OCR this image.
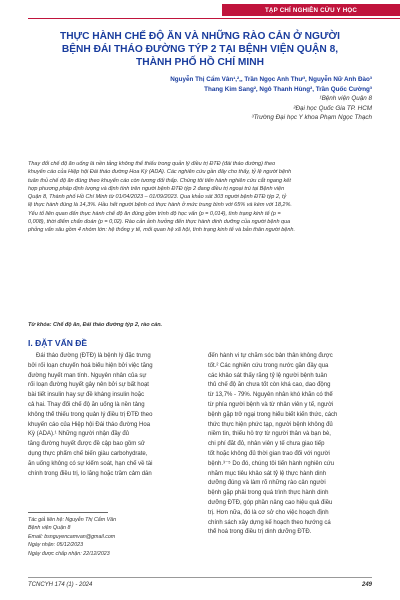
TẠP CHÍ NGHIÊN CỨU Y HỌC
THỰC HÀNH CHẾ ĐỘ ĂN VÀ NHỮNG RÀO CẢN Ở NGƯỜI
BỆNH ĐÁI THÁO ĐƯỜNG TÝP 2 TẠI BỆNH VIỆN QUẬN 8,
THÀNH PHỐ HỒ CHÍ MINH
Nguyễn Thị Cẩm Vân¹,²,, Trần Ngọc Anh Thư³, Nguyễn Nữ Anh Đào³
Thang Kim Sang², Ngô Thanh Hùng², Trần Quốc Cường³
¹Bệnh viện Quận 8
²Đại học Quốc Gia TP. HCM
³Trường Đại học Y khoa Phạm Ngọc Thạch

Thay đổi chế độ ăn uống là nền tảng không thể thiếu trong quản lý điều trị ĐTĐ (đái tháo đường) theo
khuyến cáo của Hiệp hội Đái tháo đường Hoa Kỳ (ADA). Các nghiên cứu gần đây cho thấy, tỷ lệ người bệnh
tuân thủ chế độ ăn đúng theo khuyến cáo còn tương đối thấp. Chúng tôi tiến hành nghiên cứu cắt ngang kết
hợp phương pháp định lượng và định tính trên người bệnh ĐTĐ týp 2 đang điều trị ngoại trú tại Bệnh viện
Quận 8, Thành phố Hồ Chí Minh từ 01/04/2023 – 01/09/2023. Qua khảo sát 303 người bệnh ĐTĐ týp 2, tỷ
lệ thực hành đúng là 14,3%. Hầu hết người bệnh có thực hành ở mức trung bình với 65% và kém với 18,2%.
Yếu tố liên quan đến thực hành chế độ ăn đúng gồm trình độ học vấn (p = 0,014), tình trạng kinh tế (p =
0,008), thời điểm chẩn đoán (p = 0,02). Rào cản ảnh hưởng đến thực hành dinh dưỡng của người bệnh qua
phỏng vấn sâu gồm 4 nhóm lớn: hệ thống y tế, mối quan hệ xã hội, tình trạng kinh tế và bản thân người bệnh.

Từ khóa: Chế độ ăn, Đái tháo đường týp 2, rào cản.
I. ĐẶT VẤN ĐỀ
Đái tháo đường (ĐTĐ) là bệnh lý đặc trưng
bởi rối loạn chuyển hoá biểu hiện bởi việc tăng
đường huyết man tính. Nguyên nhân của sự
rối loạn đường huyết gây nên bởi sự bất hoạt
bài tiết insulin hay sự đề kháng insulin hoặc
cả hai. Thay đổi chế độ ăn uống là nền tảng
không thể thiếu trong quản lý điều trị ĐTĐ theo
khuyến cáo của Hiệp hội Đái tháo đường Hoa
Kỳ (ADA).¹ Những người nhận đầy đủ
tăng đường huyết được đề cập bao gồm sử
dụng thực phẩm chế biến giàu carbohydrate,
ăn uống không có sự kiểm soát, hạn chế về tài
chính trong điều trị, lo lắng hoặc trầm cảm dẫn
đến hành vi tự chăm sóc bản thân không được
tốt.² Các nghiên cứu trong nước gần đây qua
các khảo sát thấy rằng tỷ lệ người bệnh tuân
thủ chế độ ăn chưa tốt còn khá cao, dao động
từ 13,7% - 79%. Nguyên nhân khó khăn có thể
từ phía người bệnh và từ nhân viên y tế, người
bệnh gặp trở ngại trong hiểu biết kiến thức, cách
thức thực hiện phức tạp, người bệnh không đủ
niềm tin, thiếu hỗ trợ từ người thân và bạn bè,
chi phí đắt đỏ, nhân viên y tế chưa giao tiếp
tốt hoặc không đủ thời gian trao đổi với người
bệnh.³⁻⁵ Do đó, chúng tôi tiến hành nghiên cứu
nhằm mục tiêu khảo sát tỷ lệ thực hành dinh
dưỡng đúng và làm rõ những rào cản người
bệnh gặp phải trong quá trình thực hành dinh
dưỡng ĐTĐ, góp phần nâng cao hiệu quả điều
trị. Hơn nữa, đó là cơ sở cho việc hoạch định
chính sách xây dựng kế hoạch theo hướng cá
thể hoá trong điều trị dinh dưỡng ĐTĐ.
Tác giả liên hệ: Nguyễn Thị Cẩm Vân
Bệnh viện Quận 8
Email: bsnguyencamvan@gmail.com
Ngày nhận: 05/12/2023
Ngày được chấp nhận: 22/12/2023
TCNCYH 174 (1) - 2024	249
